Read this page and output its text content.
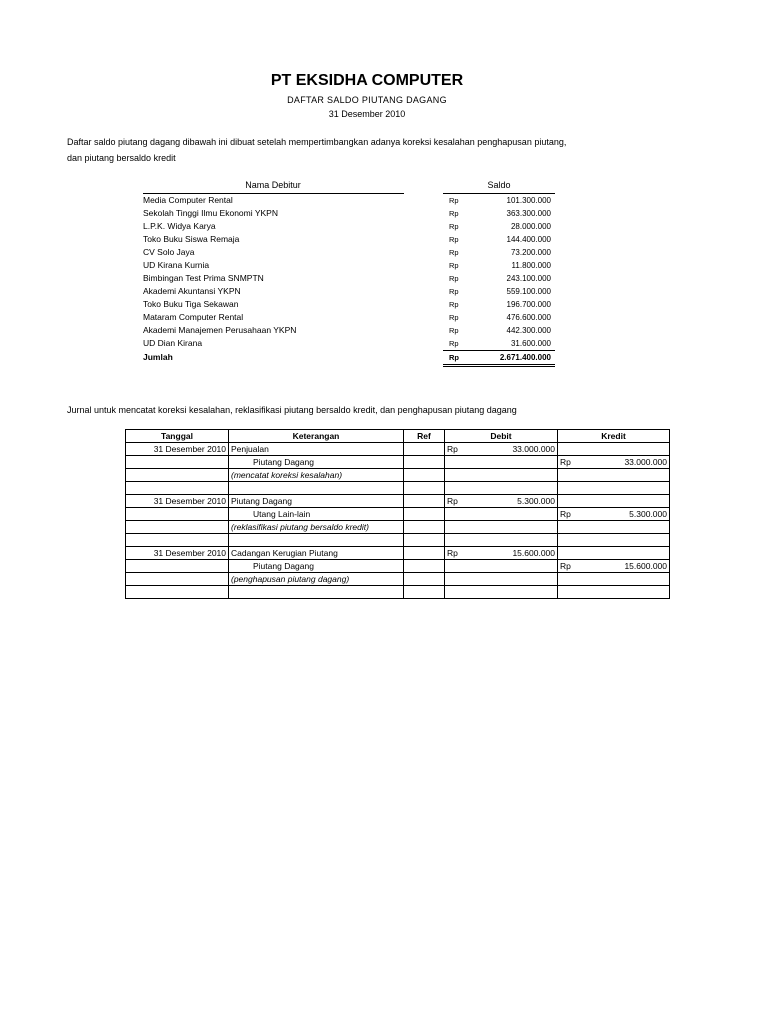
PT EKSIDHA COMPUTER
DAFTAR SALDO PIUTANG DAGANG
31 Desember 2010
Daftar saldo piutang dagang dibawah ini dibuat setelah mempertimbangkan adanya koreksi kesalahan penghapusan piutang,
dan piutang bersaldo kredit
Nama Debitur	Saldo
Media Computer Rental	Rp	101.300.000
Sekolah Tinggi Ilmu Ekonomi YKPN	Rp	363.300.000
L.P.K. Widya Karya	Rp	28.000.000
Toko Buku Siswa Remaja	Rp	144.400.000
CV Solo Jaya	Rp	73.200.000
UD Kirana Kurnia	Rp	11.800.000
Bimbingan Test Prima SNMPTN	Rp	243.100.000
Akademi Akuntansi YKPN	Rp	559.100.000
Toko Buku Tiga Sekawan	Rp	196.700.000
Mataram Computer Rental	Rp	476.600.000
Akademi Manajemen Perusahaan YKPN	Rp	442.300.000
UD Dian Kirana	Rp	31.600.000
Jumlah	Rp	2.671.400.000
Jurnal untuk mencatat koreksi kesalahan, reklasifikasi piutang bersaldo kredit, dan penghapusan piutang dagang
Tanggal	Keterangan	Ref	Debit	Kredit
31 Desember 2010	Penjualan		Rp 33.000.000	

	Piutang Dagang			Rp 33.000.000

	(mencatat koreksi kesalahan)			

31 Desember 2010	Piutang Dagang		Rp 5.300.000	

	Utang Lain-lain			Rp 5.300.000

	(reklasifikasi piutang bersaldo kredit)			

31 Desember 2010	Cadangan Kerugian Piutang		Rp 15.600.000	

	Piutang Dagang			Rp 15.600.000

	(penghapusan piutang dagang)			
